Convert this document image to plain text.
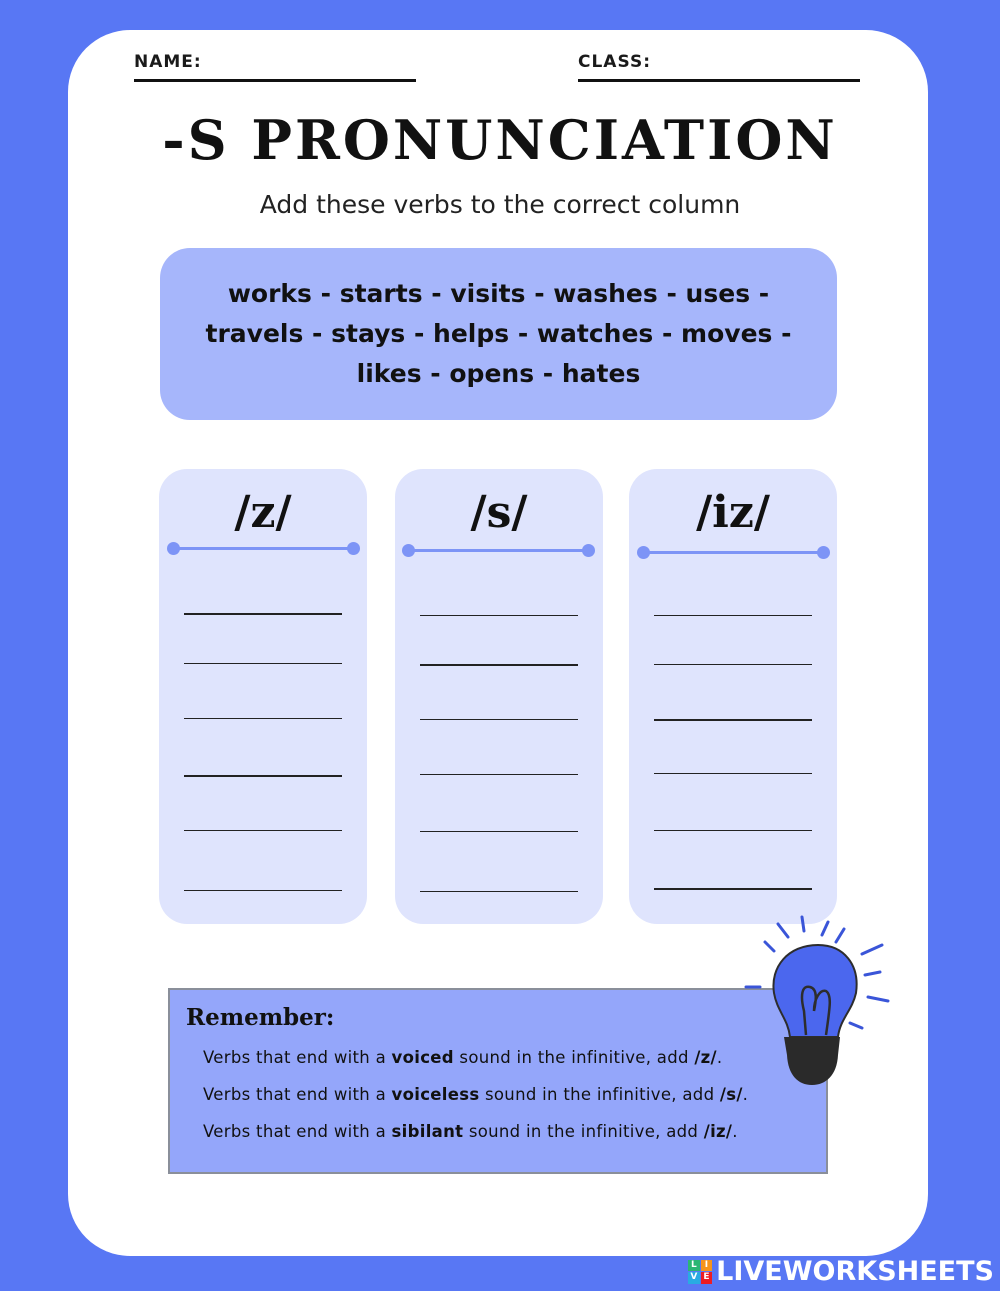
NAME:	CLASS:
-S PRONUNCIATION
Add these verbs to the correct column
works - starts - visits - washes - uses -
travels - stays - helps - watches - moves -
likes - opens - hates
/z/	/s/	/iz/
Remember:
Verbs that end with a voiced sound in the infinitive, add /z/.
Verbs that end with a voiceless sound in the infinitive, add /s/.
Verbs that end with a sibilant sound in the infinitive, add /iz/.
L I
V E LIVEWORKSHEETS
